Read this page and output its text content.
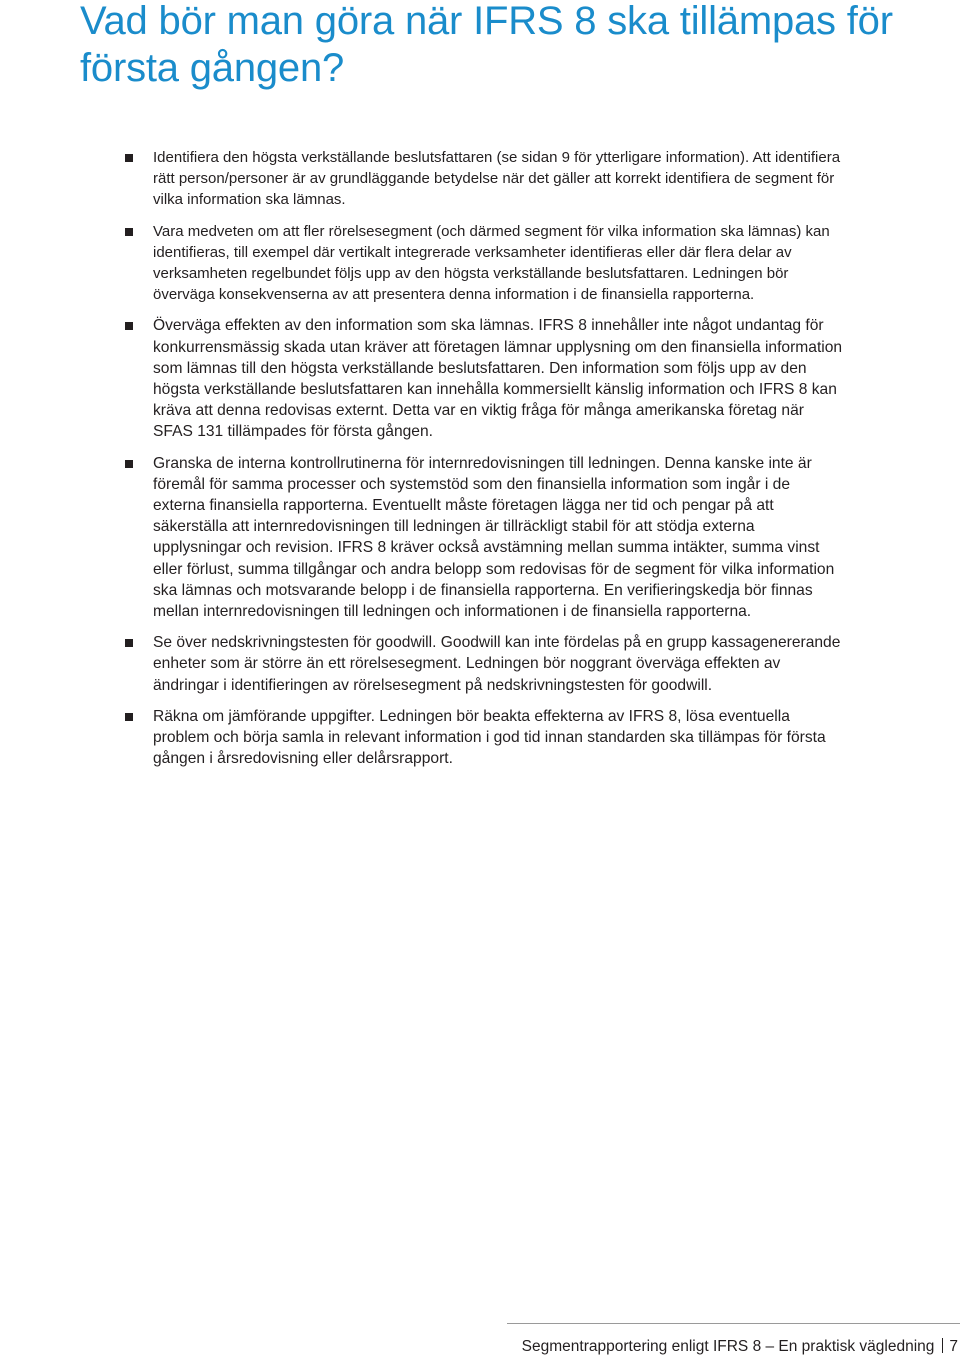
Vad bör man göra när IFRS 8 ska tillämpas för första gången?
Identifiera den högsta verkställande beslutsfattaren (se sidan 9 för ytterligare information). Att identifiera rätt person/personer är av grundläggande betydelse när det gäller att korrekt identifiera de segment för vilka information ska lämnas.
Vara medveten om att fler rörelsesegment (och därmed segment för vilka information ska lämnas) kan identifieras, till exempel där vertikalt integrerade verksamheter identifieras eller där flera delar av verksamheten regelbundet följs upp av den högsta verkställande beslutsfattaren. Ledningen bör överväga konsekvenserna av att presentera denna information i de finansiella rapporterna.
Överväga effekten av den information som ska lämnas. IFRS 8 innehåller inte något undantag för konkurrensmässig skada utan kräver att företagen lämnar upplysning om den finansiella information som lämnas till den högsta verkställande beslutsfattaren. Den information som följs upp av den högsta verkställande beslutsfattaren kan innehålla kommersiellt känslig information och IFRS 8 kan kräva att denna redovisas externt. Detta var en viktig fråga för många amerikanska företag när SFAS 131 tillämpades för första gången.
Granska de interna kontrollrutinerna för internredovisningen till ledningen. Denna kanske inte är föremål för samma processer och systemstöd som den finansiella information som ingår i de externa finansiella rapporterna. Eventuellt måste företagen lägga ner tid och pengar på att säkerställa att internredovisningen till ledningen är tillräckligt stabil för att stödja externa upplysningar och revision. IFRS 8 kräver också avstämning mellan summa intäkter, summa vinst eller förlust, summa tillgångar och andra belopp som redovisas för de segment för vilka information ska lämnas och motsvarande belopp i de finansiella rapporterna. En verifieringskedja bör finnas mellan internredovisningen till ledningen och informationen i de finansiella rapporterna.
Se över nedskrivningstesten för goodwill. Goodwill kan inte fördelas på en grupp kassagenererande enheter som är större än ett rörelsesegment. Ledningen bör noggrant överväga effekten av ändringar i identifieringen av rörelsesegment på nedskrivningstesten för goodwill.
Räkna om jämförande uppgifter. Ledningen bör beakta effekterna av IFRS 8, lösa eventuella problem och börja samla in relevant information i god tid innan standarden ska tillämpas för första gången i årsredovisning eller delårsrapport.
Segmentrapportering enligt IFRS 8 – En praktisk vägledning 7
